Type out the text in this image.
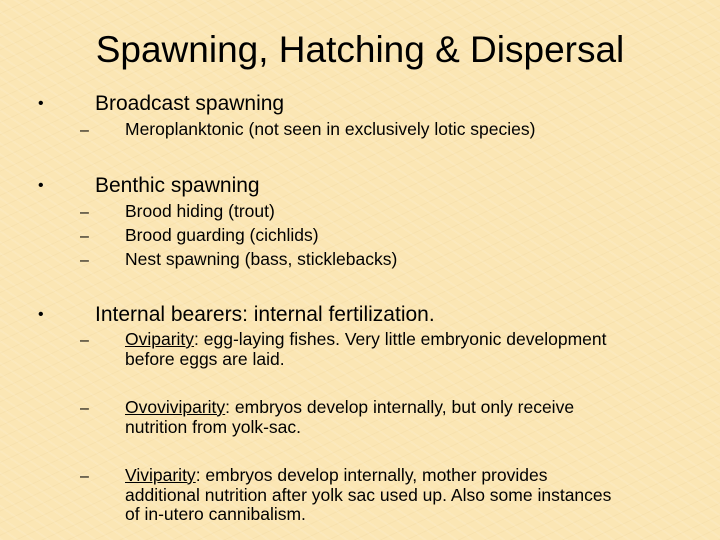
Spawning, Hatching & Dispersal
• Broadcast spawning
– Meroplanktonic (not seen in exclusively lotic species)
• Benthic spawning
– Brood hiding (trout)
– Brood guarding (cichlids)
– Nest spawning (bass, sticklebacks)
• Internal bearers: internal fertilization.
– Oviparity: egg-laying fishes. Very little embryonic development
before eggs are laid.
– Ovoviviparity: embryos develop internally, but only receive
nutrition from yolk-sac.
– Viviparity: embryos develop internally, mother provides
additional nutrition after yolk sac used up. Also some instances
of in-utero cannibalism.
